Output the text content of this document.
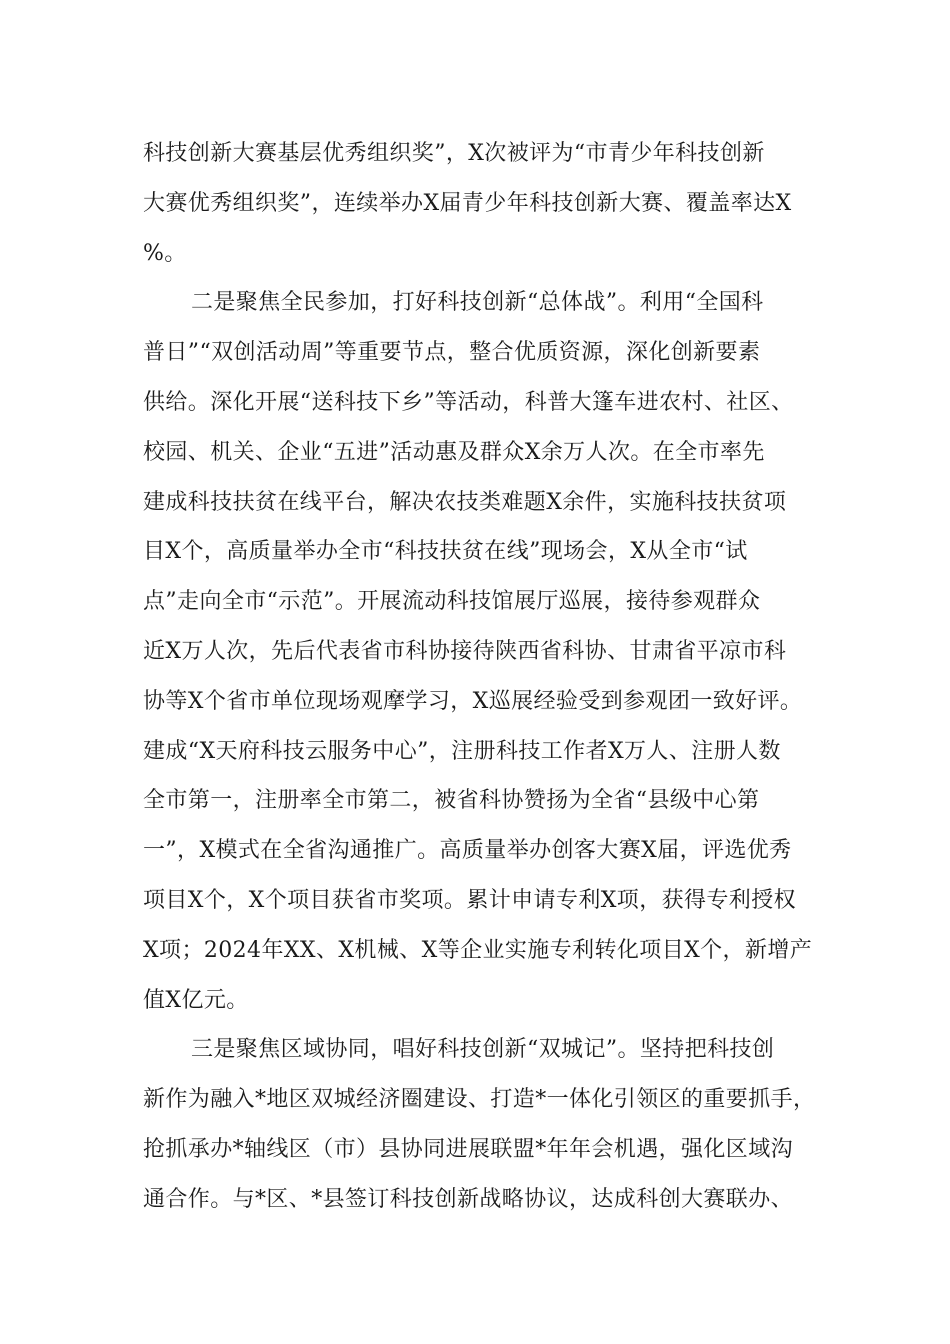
科技创新大赛基层优秀组织奖”，X次被评为“市青少年科技创新
大赛优秀组织奖”，连续举办X届青少年科技创新大赛、覆盖率达X
%。
二是聚焦全民参加，打好科技创新“总体战”。利用“全国科
普日”“双创活动周”等重要节点，整合优质资源，深化创新要素
供给。深化开展“送科技下乡”等活动，科普大篷车进农村、社区、
校园、机关、企业“五进”活动惠及群众X余万人次。在全市率先
建成科技扶贫在线平台，解决农技类难题X余件，实施科技扶贫项
目X个，高质量举办全市“科技扶贫在线”现场会，X从全市“试
点”走向全市“示范”。开展流动科技馆展厅巡展，接待参观群众
近X万人次，先后代表省市科协接待陕西省科协、甘肃省平凉市科
协等X个省市单位现场观摩学习，X巡展经验受到参观团一致好评。
建成“X天府科技云服务中心”，注册科技工作者X万人、注册人数
全市第一，注册率全市第二，被省科协赞扬为全省“县级中心第
一”，X模式在全省沟通推广。高质量举办创客大赛X届，评选优秀
项目X个，X个项目获省市奖项。累计申请专利X项，获得专利授权
X项；2024年XX、X机械、X等企业实施专利转化项目X个，新增产
值X亿元。
三是聚焦区域协同，唱好科技创新“双城记”。坚持把科技创
新作为融入*地区双城经济圈建设、打造*一体化引领区的重要抓手，
抢抓承办*轴线区（市）县协同进展联盟*年年会机遇，强化区域沟
通合作。与*区、*县签订科技创新战略协议，达成科创大赛联办、
